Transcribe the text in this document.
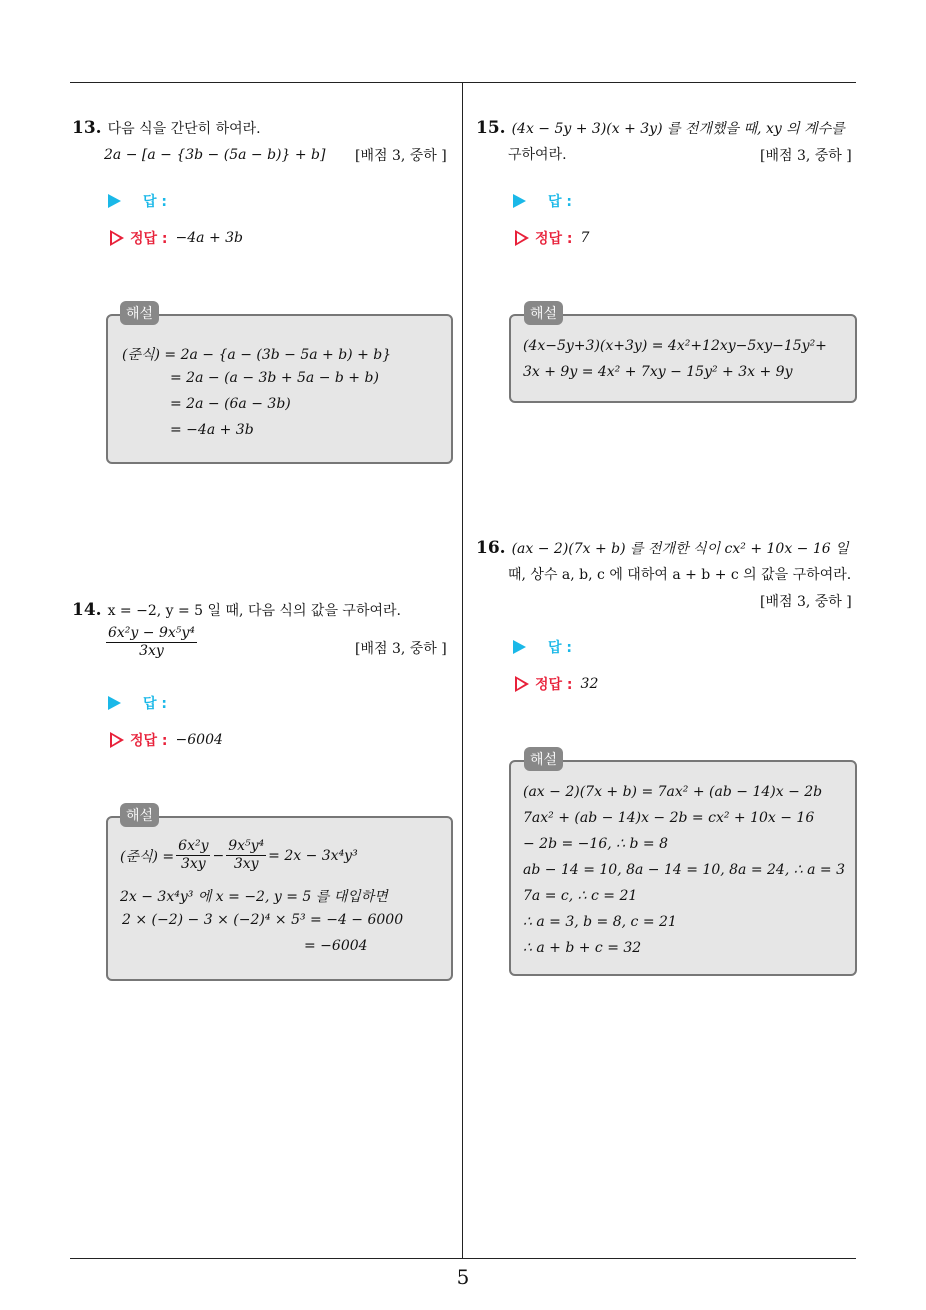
5
13. 다음 식을 간단히 하여라.
2a − [a − {3b − (5a − b)} + b] [배점 3, 중하 ]
답 :
정답 : −4a + 3b
(준식) = 2a − {a − (3b − 5a + b) + b}
= 2a − (a − 3b + 5a − b + b)
= 2a − (6a − 3b)
= −4a + 3b
해설
14. x = −2, y = 5 일 때, 다음 식의 값을 구하여라.
$\frac{\text{6x²y − 9x⁵y⁴}}{3xy}$	[배점 3, 중하 ]
답 :
정답 : −6004
(준식) = $\frac{\text{6x²y}}{3xy} - \frac{\text{9x⁵y⁴}}{3xy} = 2x - 3x^4y^3$
2x − 3x⁴y³ 에 x = −2, y = 5 를 대입하면
2 × (−2) − 3 × (−2)⁴ × 5³ = −4 − 6000
= −6004
해설
15. (4x − 5y + 3)(x + 3y) 를 전개했을 때, xy 의 계수를
구하여라.	[배점 3, 중하 ]
답 :
정답 : 7
(4x−5y+3)(x+3y) = 4x²+12xy−5xy−15y²+
3x + 9y = 4x² + 7xy − 15y² + 3x + 9y
해설
16. (ax − 2)(7x + b) 를 전개한 식이 cx² + 10x − 16 일
때, 상수 a, b, c 에 대하여 a + b + c 의 값을 구하여라.
[배점 3, 중하 ]
답 :
정답 : 32
(ax − 2)(7x + b) = 7ax² + (ab − 14)x − 2b
7ax² + (ab − 14)x − 2b = cx² + 10x − 16
− 2b = −16, ∴ b = 8
ab − 14 = 10, 8a − 14 = 10, 8a = 24, ∴ a = 3
7a = c, ∴ c = 21
∴ a = 3, b = 8, c = 21
∴ a + b + c = 32
해설
